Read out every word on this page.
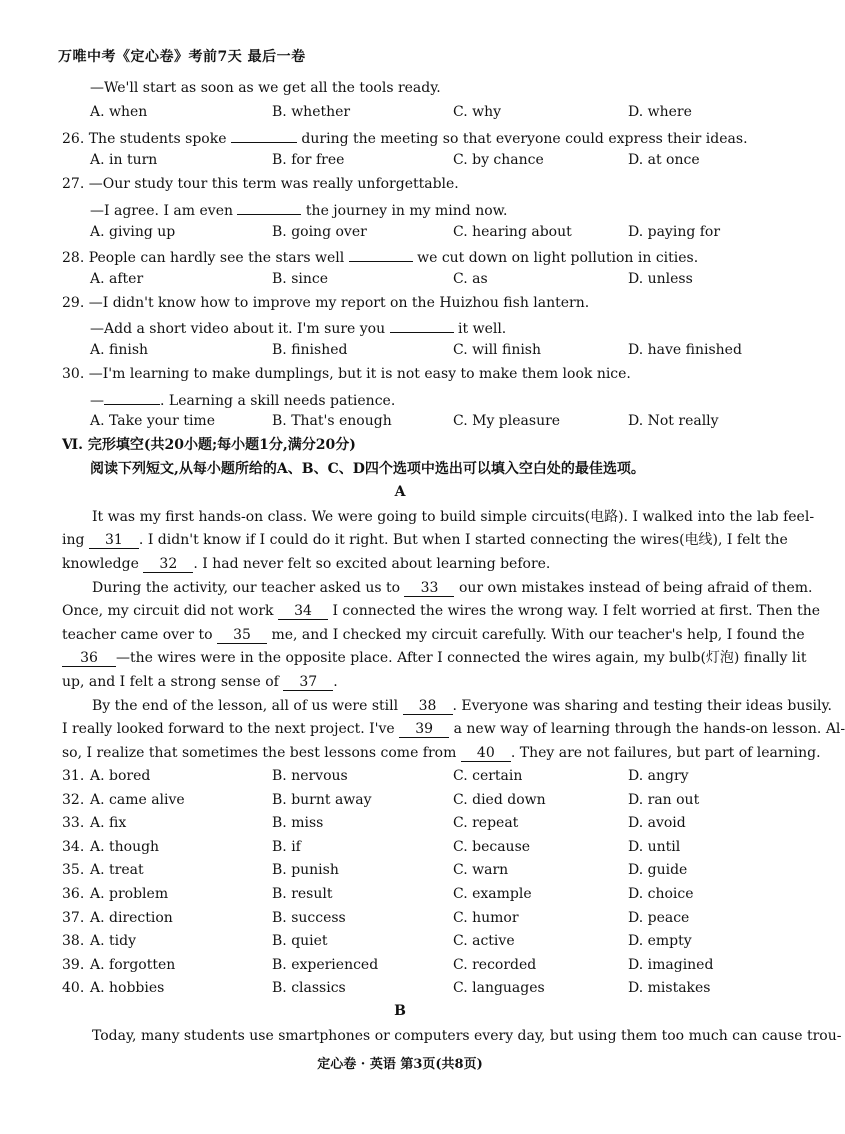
万唯中考《定心卷》考前7天 最后一卷
—We'll start as soon as we get all the tools ready.
A. when	B. whether	C. why	D. where
26. The students spoke	during the meeting so that everyone could express their ideas.
A. in turn	B. for free	C. by chance	D. at once
27. —Our study tour this term was really unforgettable.
—I agree. I am even	the journey in my mind now.
A. giving up	B. going over	C. hearing about	D. paying for
28. People can hardly see the stars well	we cut down on light pollution in cities.
A. after	B. since	C. as	D. unless
29. —I didn't know how to improve my report on the Huizhou fish lantern.
—Add a short video about it. I'm sure you	it well.
A. finish	B. finished	C. will finish	D. have finished
30. —I'm learning to make dumplings, but it is not easy to make them look nice.
—	. Learning a skill needs patience.
A. Take your time	B. That's enough	C. My pleasure	D. Not really
Ⅵ. 完形填空(共20小题;每小题1分,满分20分)
阅读下列短文,从每小题所给的A、B、C、D四个选项中选出可以填入空白处的最佳选项。
A
It was my first hands-on class. We were going to build simple circuits(电路). I walked into the lab feel-
ing 31 . I didn't know if I could do it right. But when I started connecting the wires(电线), I felt the
knowledge 32 . I had never felt so excited about learning before.
During the activity, our teacher asked us to 33 our own mistakes instead of being afraid of them.
Once, my circuit did not work 34 I connected the wires the wrong way. I felt worried at first. Then the
teacher came over to 35 me, and I checked my circuit carefully. With our teacher's help, I found the
36 —the wires were in the opposite place. After I connected the wires again, my bulb(灯泡) finally lit
up, and I felt a strong sense of 37 .
By the end of the lesson, all of us were still 38 . Everyone was sharing and testing their ideas busily.
I really looked forward to the next project. I've 39 a new way of learning through the hands-on lesson. Al-
so, I realize that sometimes the best lessons come from 40 . They are not failures, but part of learning.
31. A. bored	B. nervous	C. certain	D. angry
32. A. came alive	B. burnt away	C. died down	D. ran out
33. A. fix	B. miss	C. repeat	D. avoid
34. A. though	B. if	C. because	D. until
35. A. treat	B. punish	C. warn	D. guide
36. A. problem	B. result	C. example	D. choice
37. A. direction	B. success	C. humor	D. peace
38. A. tidy	B. quiet	C. active	D. empty
39. A. forgotten	B. experienced	C. recorded	D. imagined
40. A. hobbies	B. classics	C. languages	D. mistakes
B
Today, many students use smartphones or computers every day, but using them too much can cause trou-
定心卷 · 英语 第3页(共8页)
